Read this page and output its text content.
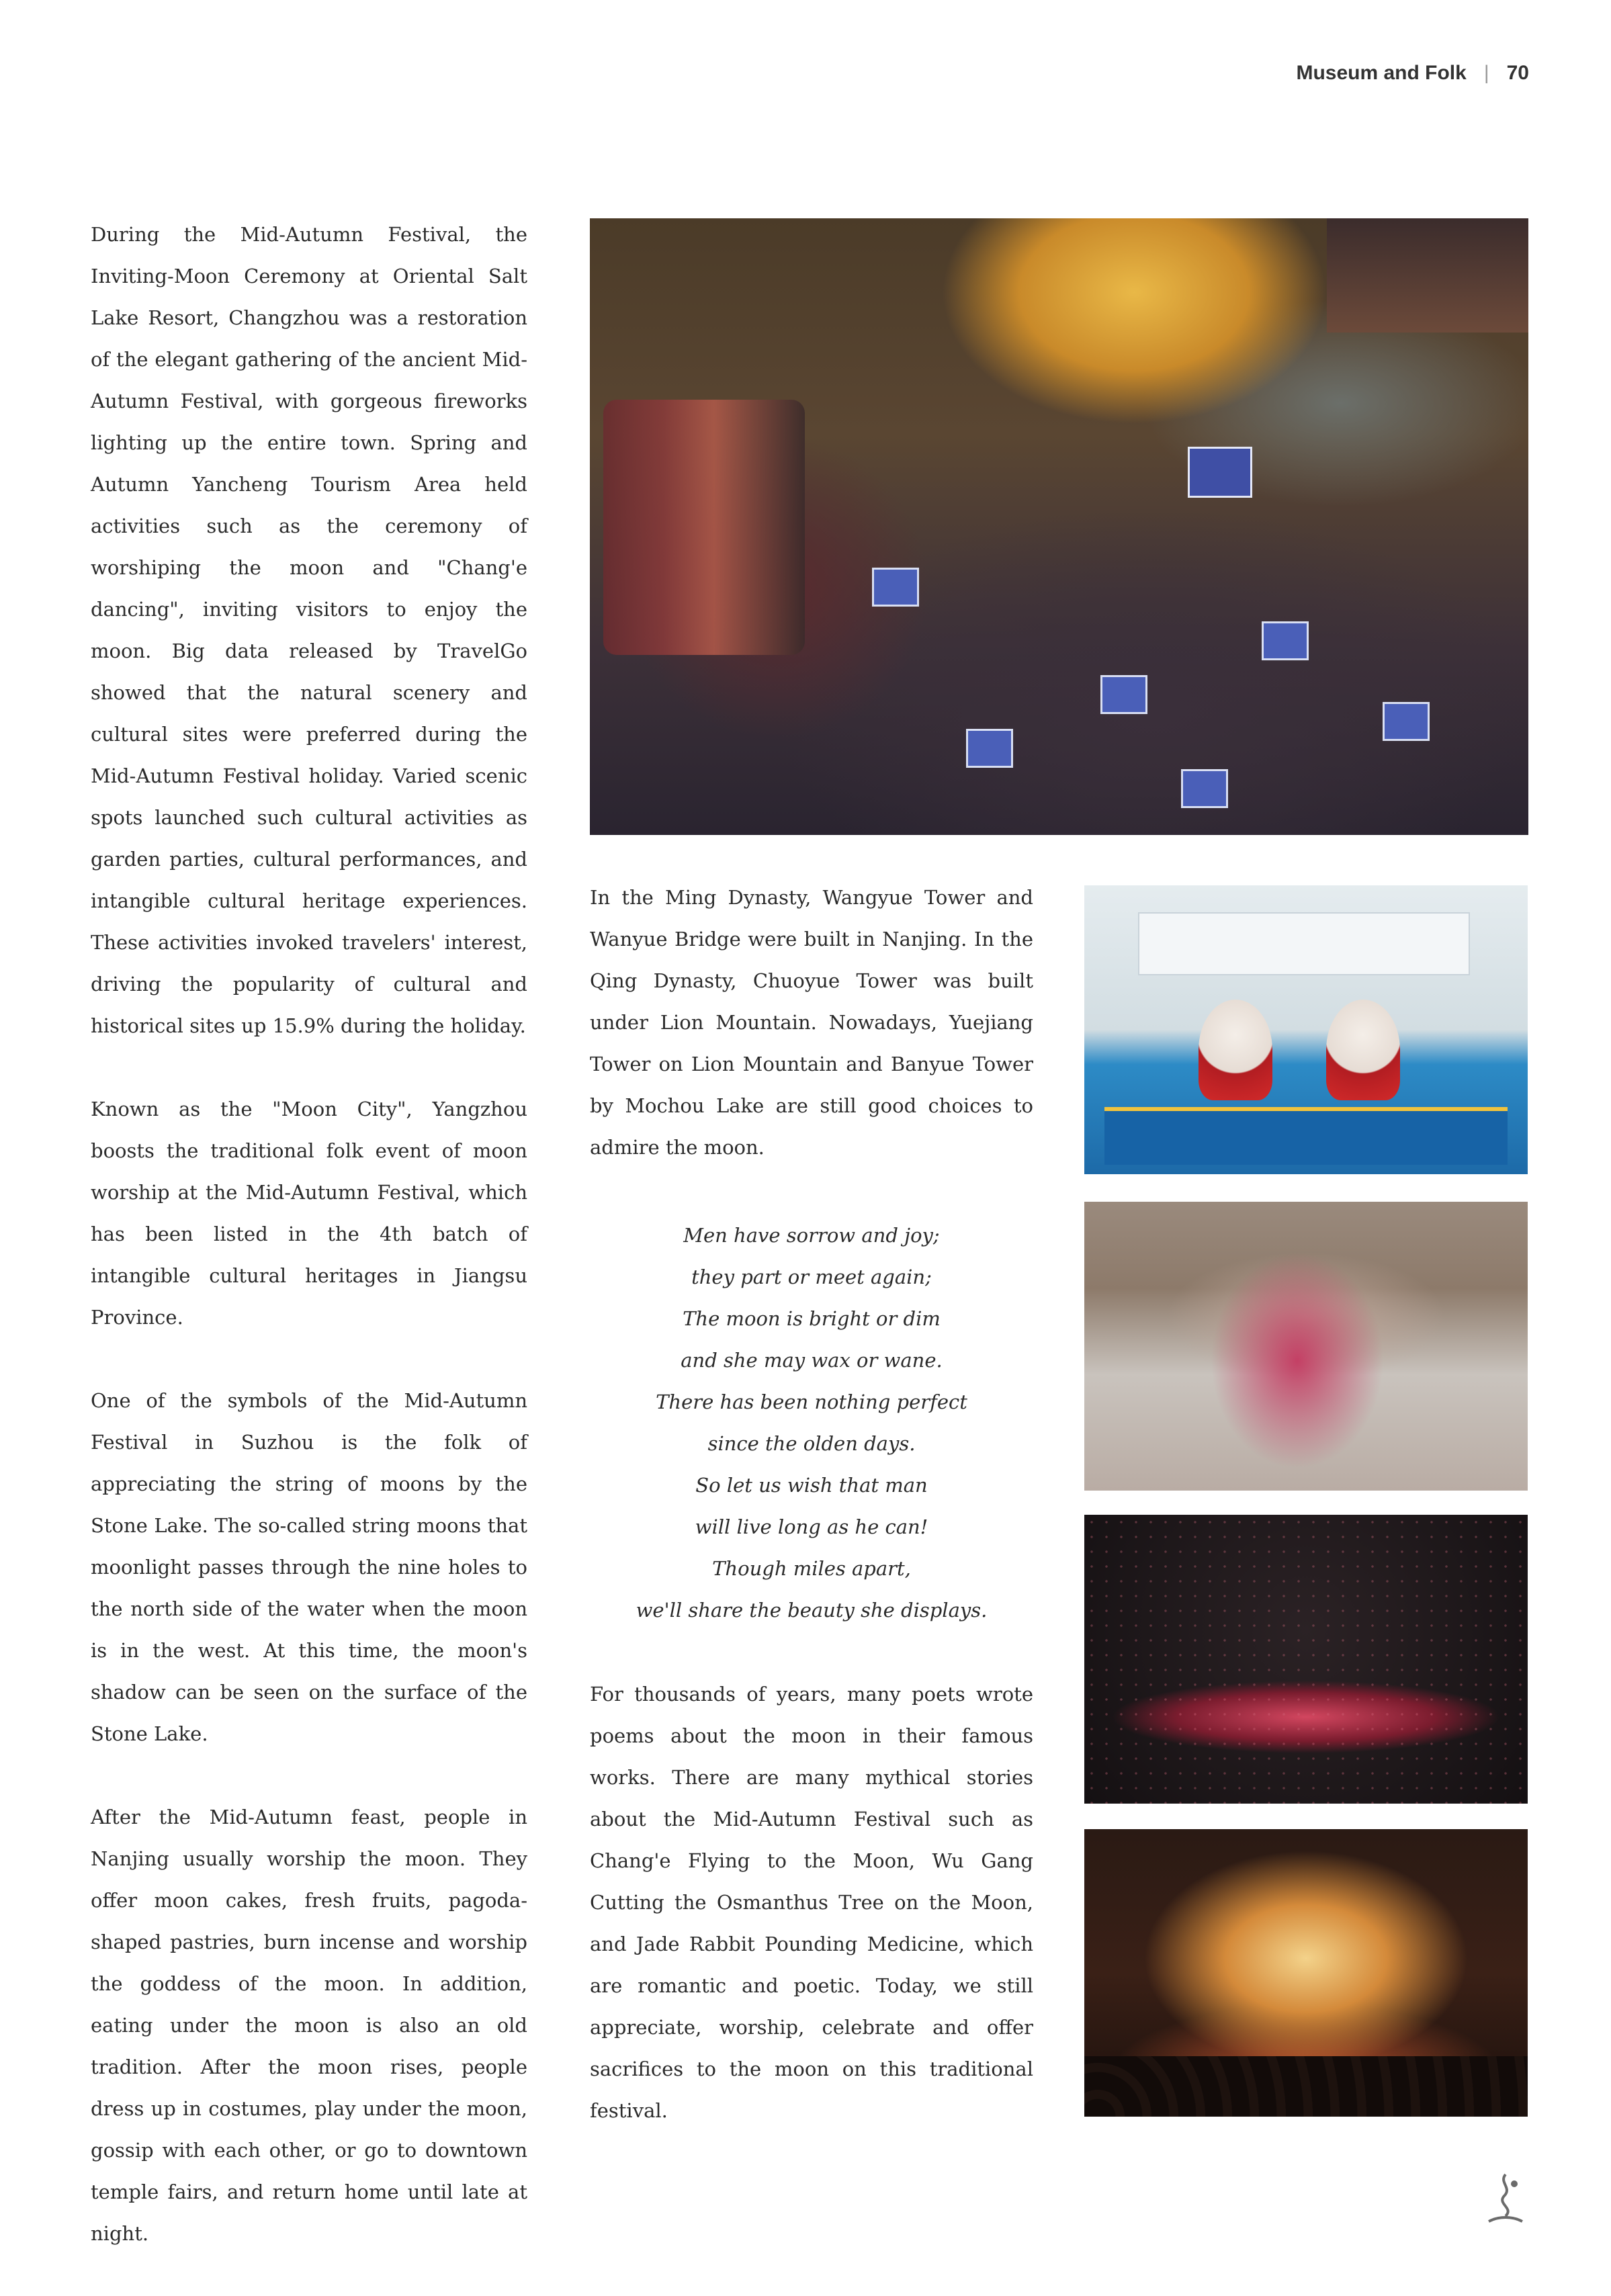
Museum and Folk | 70

During the Mid-Autumn Festival, the Inviting-Moon Ceremony at Oriental Salt Lake Resort, Changzhou was a restoration of the elegant gathering of the ancient Mid-Autumn Festival, with gorgeous fireworks lighting up the entire town. Spring and Autumn Yancheng Tourism Area held activities such as the ceremony of worshiping the moon and "Chang'e dancing", inviting visitors to enjoy the moon. Big data released by TravelGo showed that the natural scenery and cultural sites were preferred during the Mid-Autumn Festival holiday. Varied scenic spots launched such cultural activities as garden parties, cultural performances, and intangible cultural heritage experiences. These activities invoked travelers' interest, driving the popularity of cultural and historical sites up 15.9% during the holiday.

Known as the "Moon City", Yangzhou boosts the traditional folk event of moon worship at the Mid-Autumn Festival, which has been listed in the 4th batch of intangible cultural heritages in Jiangsu Province.

One of the symbols of the Mid-Autumn Festival in Suzhou is the folk of appreciating the string of moons by the Stone Lake. The so-called string moons that moonlight passes through the nine holes to the north side of the water when the moon is in the west. At this time, the moon's shadow can be seen on the surface of the Stone Lake.

After the Mid-Autumn feast, people in Nanjing usually worship the moon. They offer moon cakes, fresh fruits, pagoda-shaped pastries, burn incense and worship the goddess of the moon. In addition, eating under the moon is also an old tradition. After the moon rises, people dress up in costumes, play under the moon, gossip with each other, or go to downtown temple fairs, and return home until late at night.

In the Ming Dynasty, Wangyue Tower and Wanyue Bridge were built in Nanjing. In the Qing Dynasty, Chuoyue Tower was built under Lion Mountain. Nowadays, Yuejiang Tower on Lion Mountain and Banyue Tower by Mochou Lake are still good choices to admire the moon.

Men have sorrow and joy;
they part or meet again;
The moon is bright or dim
and she may wax or wane.
There has been nothing perfect
since the olden days.
So let us wish that man
will live long as he can!
Though miles apart,
we'll share the beauty she displays.

For thousands of years, many poets wrote poems about the moon in their famous works. There are many mythical stories about the Mid-Autumn Festival such as Chang'e Flying to the Moon, Wu Gang Cutting the Osmanthus Tree on the Moon, and Jade Rabbit Pounding Medicine, which are romantic and poetic. Today, we still appreciate, worship, celebrate and offer sacrifices to the moon on this traditional festival.
